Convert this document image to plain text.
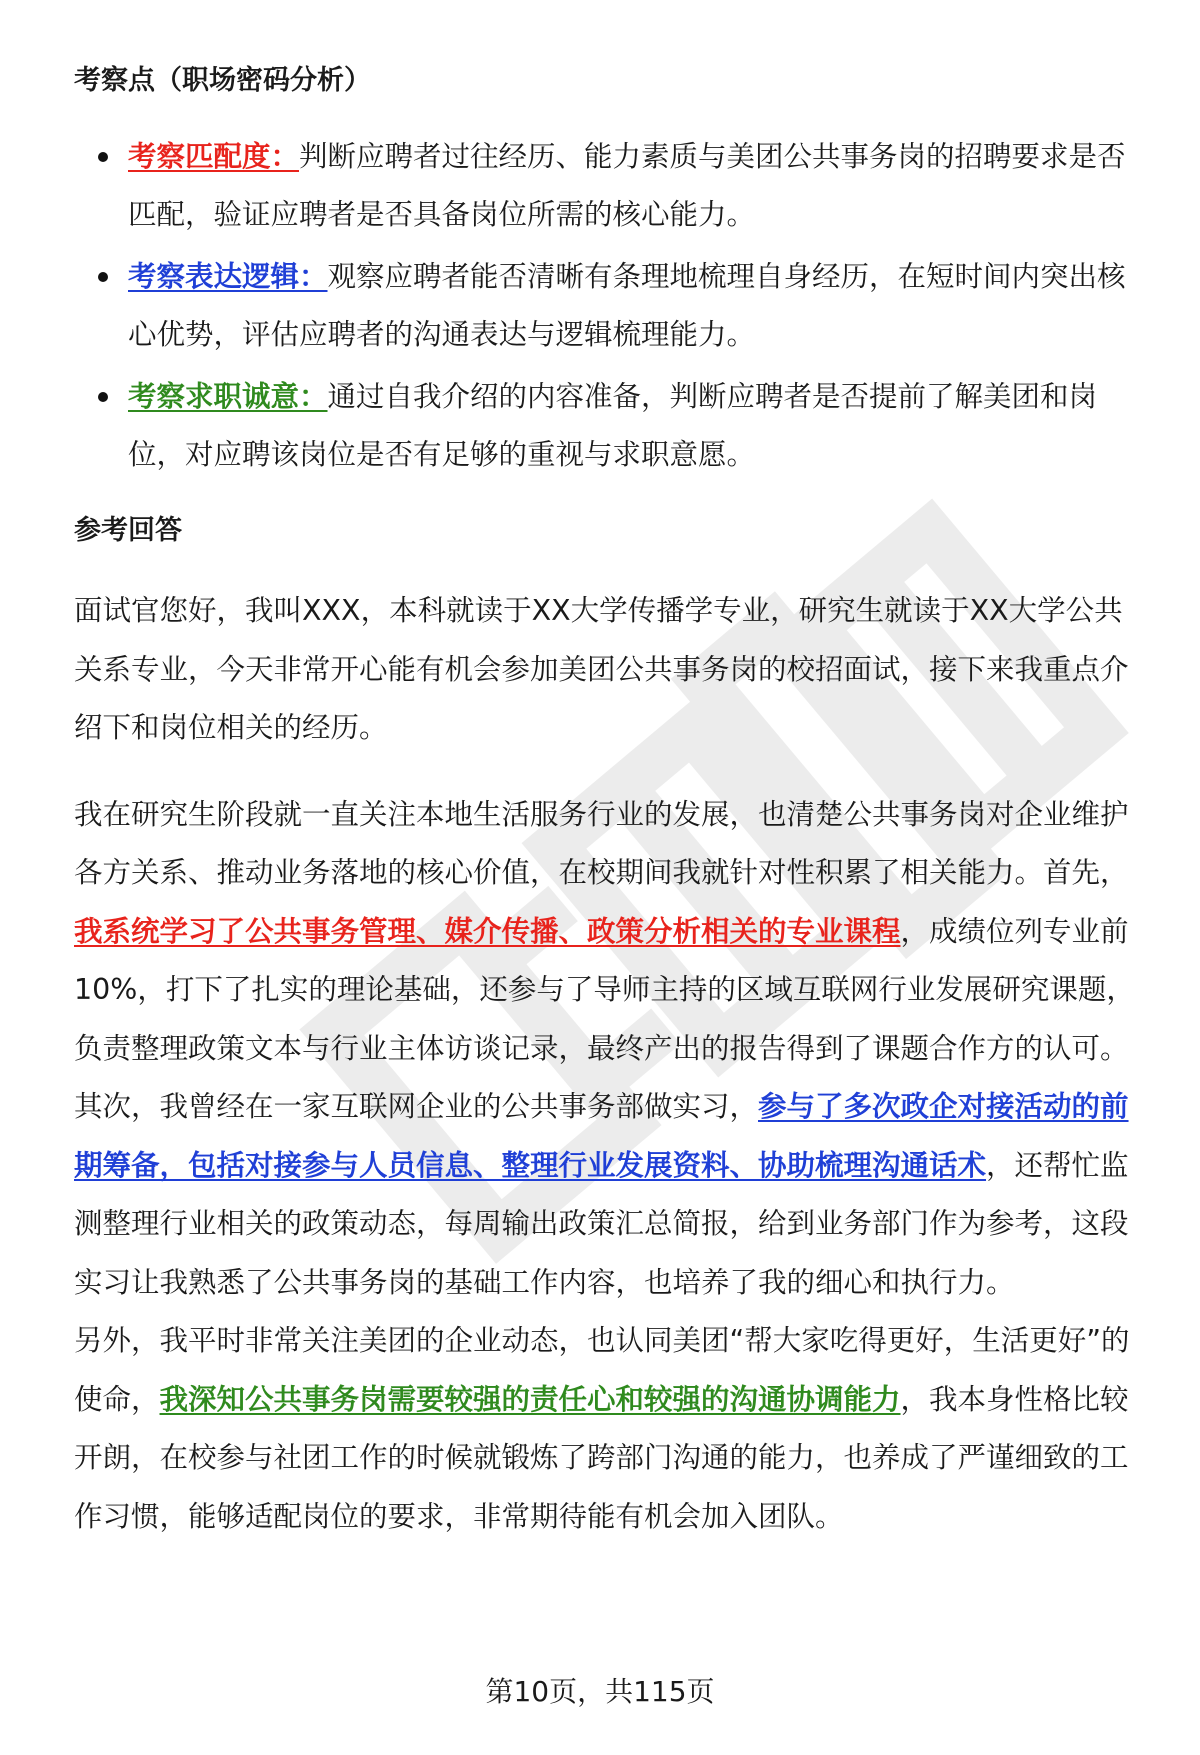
考察点（职场密码分析）
考察匹配度：判断应聘者过往经历、能力素质与美团公共事务岗的招聘要求是否匹配，验证应聘者是否具备岗位所需的核心能力。
考察表达逻辑：观察应聘者能否清晰有条理地梳理自身经历，在短时间内突出核心优势，评估应聘者的沟通表达与逻辑梳理能力。
考察求职诚意：通过自我介绍的内容准备，判断应聘者是否提前了解美团和岗位，对应聘该岗位是否有足够的重视与求职意愿。
参考回答

面试官您好，我叫XXX，本科就读于XX大学传播学专业，研究生就读于XX大学公共关系专业，今天非常开心能有机会参加美团公共事务岗的校招面试，接下来我重点介绍下和岗位相关的经历。

我在研究生阶段就一直关注本地生活服务行业的发展，也清楚公共事务岗对企业维护各方关系、推动业务落地的核心价值，在校期间我就针对性积累了相关能力。首先，我系统学习了公共事务管理、媒介传播、政策分析相关的专业课程，成绩位列专业前10%，打下了扎实的理论基础，还参与了导师主持的区域互联网行业发展研究课题，负责整理政策文本与行业主体访谈记录，最终产出的报告得到了课题合作方的认可。

其次，我曾经在一家互联网企业的公共事务部做实习，参与了多次政企对接活动的前期筹备，包括对接参与人员信息、整理行业发展资料、协助梳理沟通话术，还帮忙监测整理行业相关的政策动态，每周输出政策汇总简报，给到业务部门作为参考，这段实习让我熟悉了公共事务岗的基础工作内容，也培养了我的细心和执行力。

另外，我平时非常关注美团的企业动态，也认同美团“帮大家吃得更好，生活更好”的使命，我深知公共事务岗需要较强的责任心和较强的沟通协调能力，我本身性格比较开朗，在校参与社团工作的时候就锻炼了跨部门沟通的能力，也养成了严谨细致的工作习惯，能够适配岗位的要求，非常期待能有机会加入团队。

第10页，共115页
